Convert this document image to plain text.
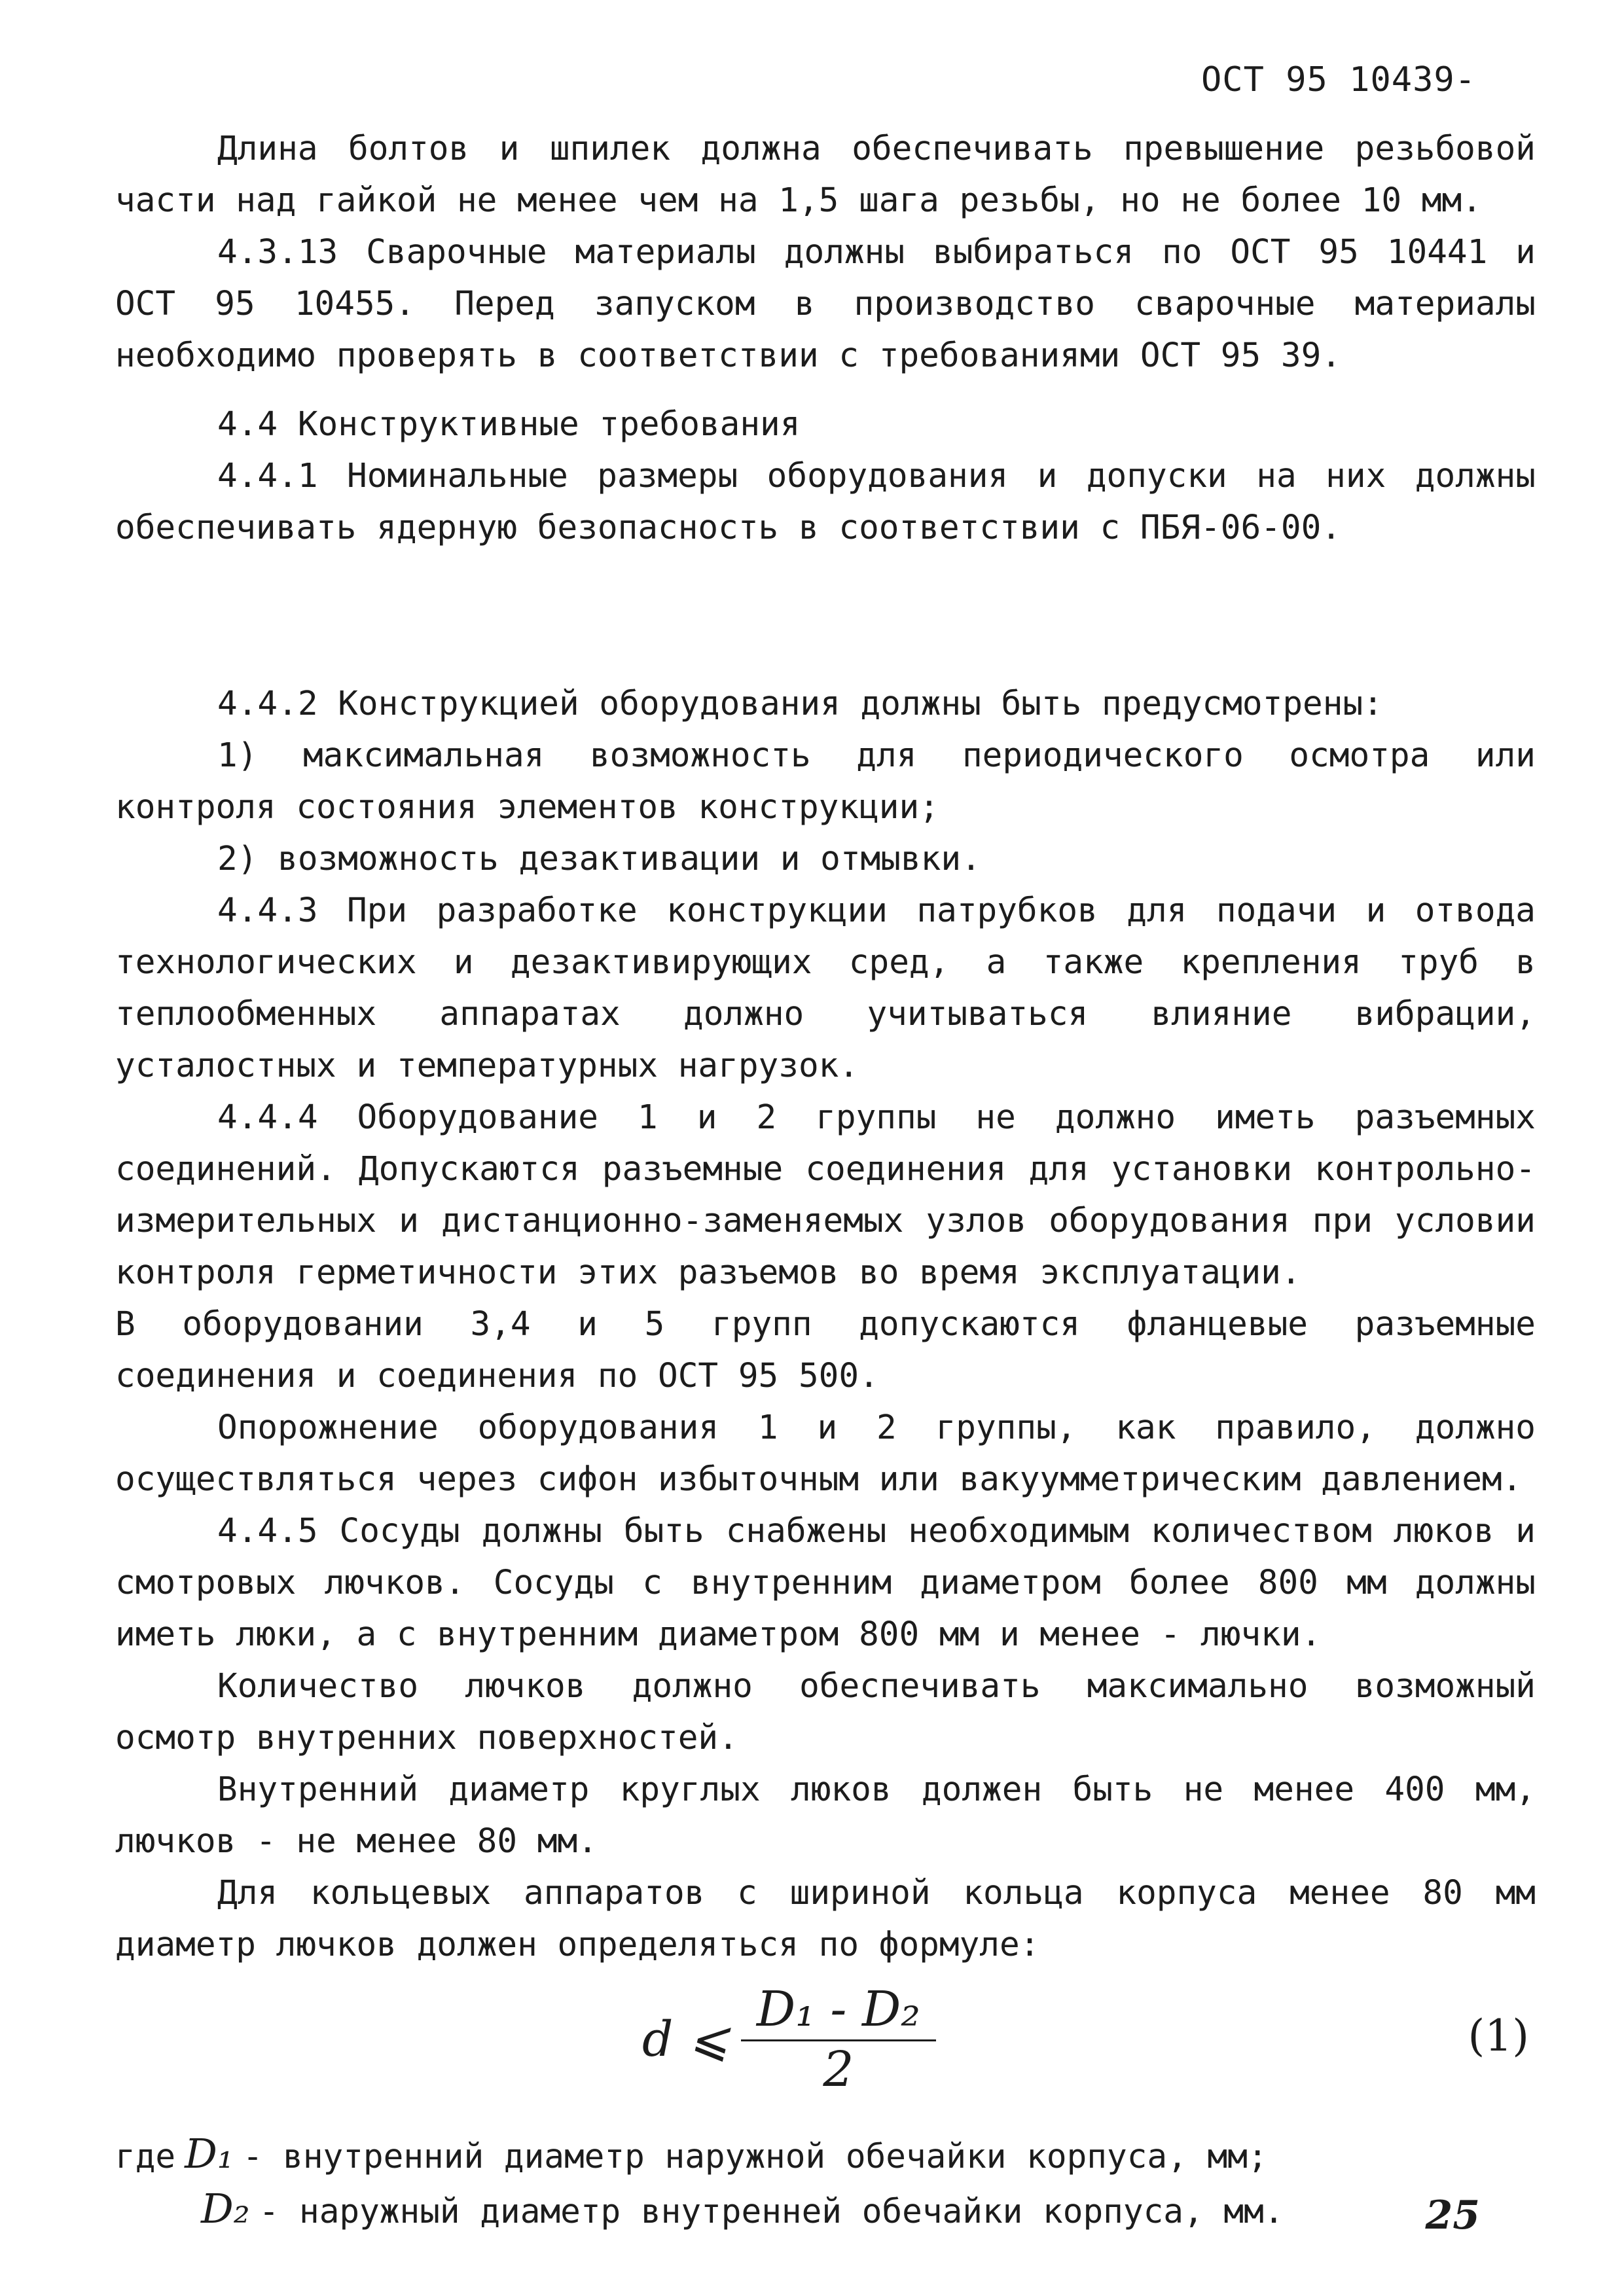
ОСТ 95 10439-

Длина болтов и шпилек должна обеспечивать превышение резьбовой части над гайкой не менее чем на 1,5 шага резьбы, но не более 10 мм.

4.3.13 Сварочные материалы должны выбираться по ОСТ 95 10441 и ОСТ 95 10455. Перед запуском в производство сварочные материалы необходимо проверять в соответствии с требованиями ОСТ 95 39.

4.4 Конструктивные требования

4.4.1 Номинальные размеры оборудования и допуски на них должны обеспечивать ядерную безопасность в соответствии с ПБЯ-06-00.

4.4.2 Конструкцией оборудования должны быть предусмотрены:

1) максимальная возможность для периодического осмотра или контроля состояния элементов конструкции;

2) возможность дезактивации и отмывки.

4.4.3 При разработке конструкции патрубков для подачи и отвода технологических и дезактивирующих сред, а также крепления труб в теплообменных аппаратах должно учитываться влияние вибрации, усталостных и температурных нагрузок.

4.4.4 Оборудование 1 и 2 группы не должно иметь разъемных соединений. Допускаются разъемные соединения для установки контрольно-измерительных и дистанционно-заменяемых узлов оборудования при условии контроля герметичности этих разъемов во время эксплуатации.

В оборудовании 3,4 и 5 групп допускаются фланцевые разъемные соединения и соединения по ОСТ 95 500.

Опорожнение оборудования 1 и 2 группы, как правило, должно осуществляться через сифон избыточным или вакуумметрическим давлением.

4.4.5 Сосуды должны быть снабжены необходимым количеством люков и смотровых лючков. Сосуды с внутренним диаметром более 800 мм должны иметь люки, а с внутренним диаметром 800 мм и менее - лючки.

Количество лючков должно обеспечивать максимально возможный осмотр внутренних поверхностей.

Внутренний диаметр круглых люков должен быть не менее 400 мм, лючков - не менее 80 мм.

Для кольцевых аппаратов с шириной кольца корпуса менее 80 мм диаметр лючков должен определяться по формуле:

d ⩽ $\frac{\text{D₁ - D₂}}{2}$	(1)
где D₁ - внутренний диаметр наружной обечайки корпуса, мм;
D₂ - наружный диаметр внутренней обечайки корпуса, мм.	25
